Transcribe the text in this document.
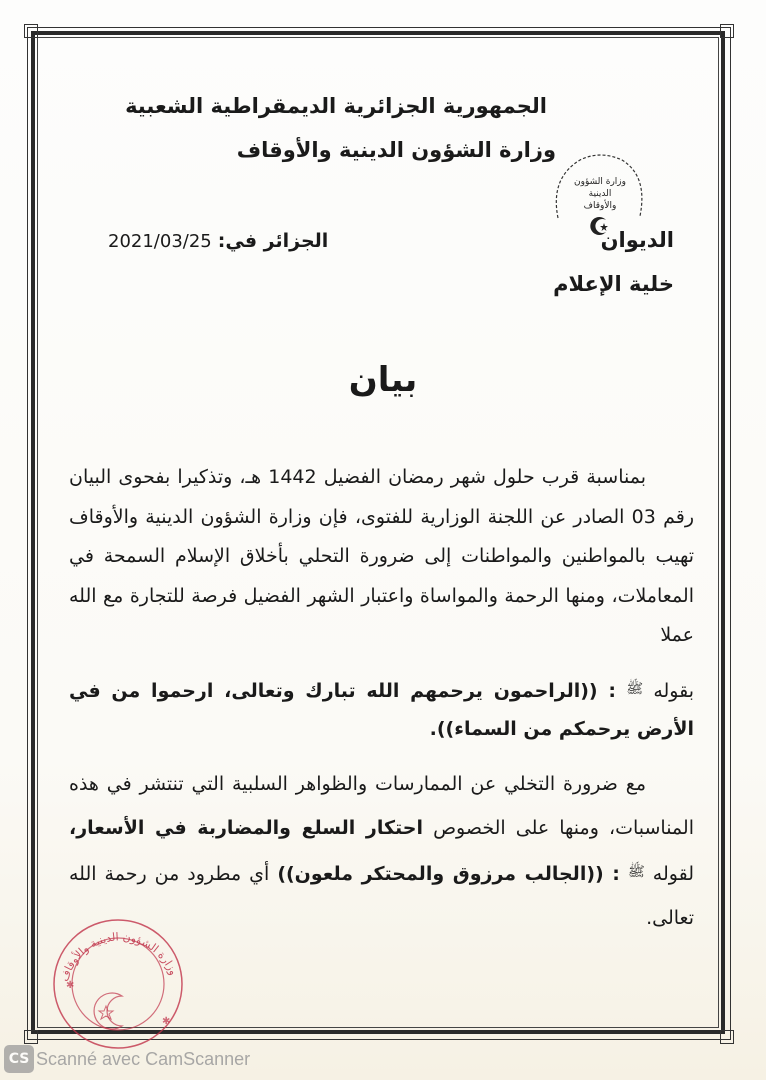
الجمهورية الجزائرية الديمقراطية الشعبية
وزارة الشؤون الدينية والأوقاف
وزارة الشؤون
الدينية
والأوقاف
الديوان
خلية الإعلام
الجزائر في: 2021/03/25
بيان

بمناسبة قرب حلول شهر رمضان الفضيل 1442 هـ، وتذكيرا بفحوى البيان رقم 03 الصادر عن اللجنة الوزارية للفتوى، فإن وزارة الشؤون الدينية والأوقاف تهيب بالمواطنين والمواطنات إلى ضرورة التحلي بأخلاق الإسلام السمحة في المعاملات، ومنها الرحمة والمواساة واعتبار الشهر الفضيل فرصة للتجارة مع الله عملا

بقوله $^ﷺ$ : ((الراحمون يرحمهم الله تبارك وتعالى، ارحموا من في الأرض يرحمكم من السماء)).

مع ضرورة التخلي عن الممارسات والظواهر السلبية التي تنتشر في هذه المناسبات، ومنها على الخصوص احتكار السلع والمضاربة في الأسعار، لقوله $^ﷺ$ : ((الجالب مرزوق والمحتكر ملعون)) أي مطرود من رحمة الله تعالى.

وزارة الشؤون الدينية والأوقاف
✱
✱
CS Scanné avec CamScanner
